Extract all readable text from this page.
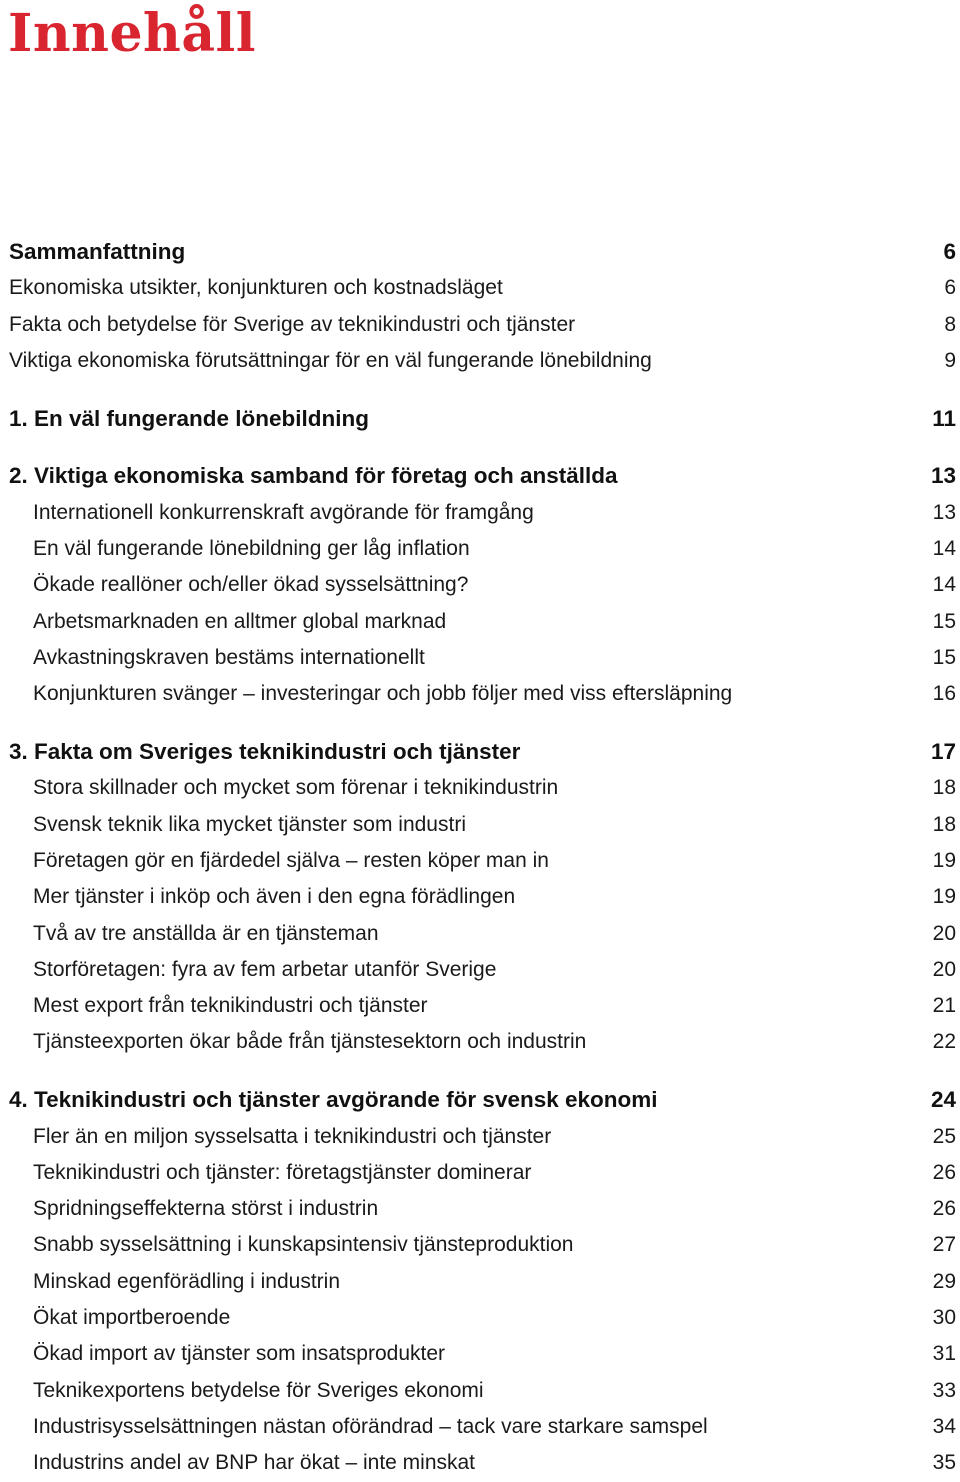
Innehåll
Sammanfattning	6
Ekonomiska utsikter, konjunkturen och kostnadsläget	6
Fakta och betydelse för Sverige av teknikindustri och tjänster	8
Viktiga ekonomiska förutsättningar för en väl fungerande lönebildning	9
1. En väl fungerande lönebildning	11
2. Viktiga ekonomiska samband för företag och anställda	13
Internationell konkurrenskraft avgörande för framgång	13
En väl fungerande lönebildning ger låg inflation	14
Ökade reallöner och/eller ökad sysselsättning?	14
Arbetsmarknaden en alltmer global marknad	15
Avkastningskraven bestäms internationellt	15
Konjunkturen svänger – investeringar och jobb följer med viss eftersläpning	16
3. Fakta om Sveriges teknikindustri och tjänster	17
Stora skillnader och mycket som förenar i teknikindustrin	18
Svensk teknik lika mycket tjänster som industri	18
Företagen gör en fjärdedel själva – resten köper man in	19
Mer tjänster i inköp och även i den egna förädlingen	19
Två av tre anställda är en tjänsteman	20
Storföretagen: fyra av fem arbetar utanför Sverige	20
Mest export från teknikindustri och tjänster	21
Tjänsteexporten ökar både från tjänstesektorn och industrin	22
4. Teknikindustri och tjänster avgörande för svensk ekonomi	24
Fler än en miljon sysselsatta i teknikindustri och tjänster	25
Teknikindustri och tjänster: företagstjänster dominerar	26
Spridningseffekterna störst i industrin	26
Snabb sysselsättning i kunskapsintensiv tjänsteproduktion	27
Minskad egenförädling i industrin	29
Ökat importberoende	30
Ökad import av tjänster som insatsprodukter	31
Teknikexportens betydelse för Sveriges ekonomi	33
Industrisysselsättningen nästan oförändrad – tack vare starkare samspel	34
Industrins andel av BNP har ökat – inte minskat	35
